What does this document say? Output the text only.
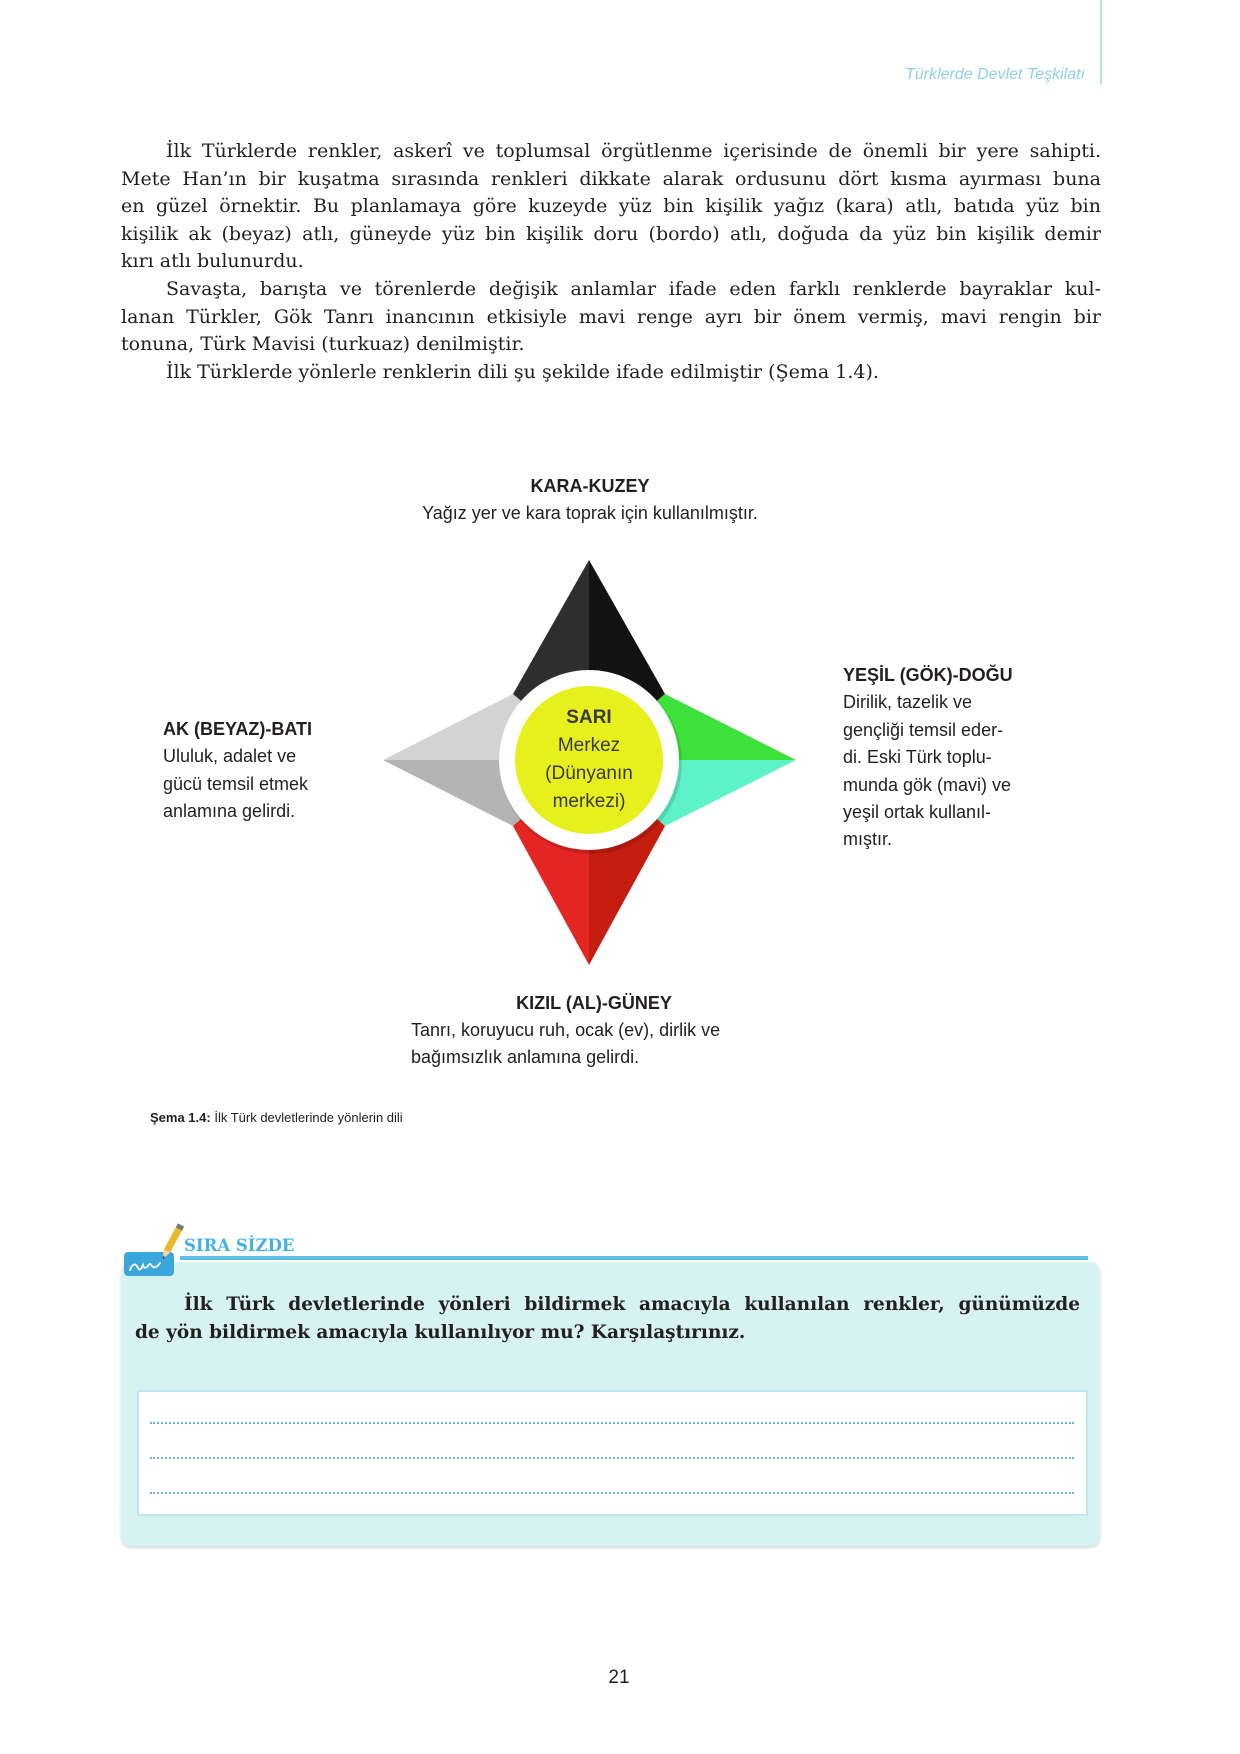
Türklerde Devlet Teşkilatı
İlk Türklerde renkler, askerî ve toplumsal örgütlenme içerisinde de önemli bir yere sahipti.
Mete Han’ın bir kuşatma sırasında renkleri dikkate alarak ordusunu dört kısma ayırması buna
en güzel örnektir. Bu planlamaya göre kuzeyde yüz bin kişilik yağız (kara) atlı, batıda yüz bin
kişilik ak (beyaz) atlı, güneyde yüz bin kişilik doru (bordo) atlı, doğuda da yüz bin kişilik demir
kırı atlı bulunurdu.
Savaşta, barışta ve törenlerde değişik anlamlar ifade eden farklı renklerde bayraklar kul-
lanan Türkler, Gök Tanrı inancının etkisiyle mavi renge ayrı bir önem vermiş, mavi rengin bir
tonuna, Türk Mavisi (turkuaz) denilmiştir.
İlk Türklerde yönlerle renklerin dili şu şekilde ifade edilmiştir (Şema 1.4).
KARA-KUZEY
Yağız yer ve kara toprak için kullanılmıştır.
YEŞİL (GÖK)-DOĞU
Dirilik, tazelik ve
gençliği temsil eder-
di. Eski Türk toplu-
munda gök (mavi) ve
yeşil ortak kullanıl-
mıştır.
AK (BEYAZ)-BATI
Ululuk, adalet ve
gücü temsil etmek
anlamına gelirdi.
KIZIL (AL)-GÜNEY
Tanrı, koruyucu ruh, ocak (ev), dirlik ve
bağımsızlık anlamına gelirdi.
SARI
Merkez
(Dünyanın
merkezi)
Şema 1.4: İlk Türk devletlerinde yönlerin dili
SIRA SİZDE
İlk Türk devletlerinde yönleri bildirmek amacıyla kullanılan renkler, günümüzde
de yön bildirmek amacıyla kullanılıyor mu? Karşılaştırınız.
21
